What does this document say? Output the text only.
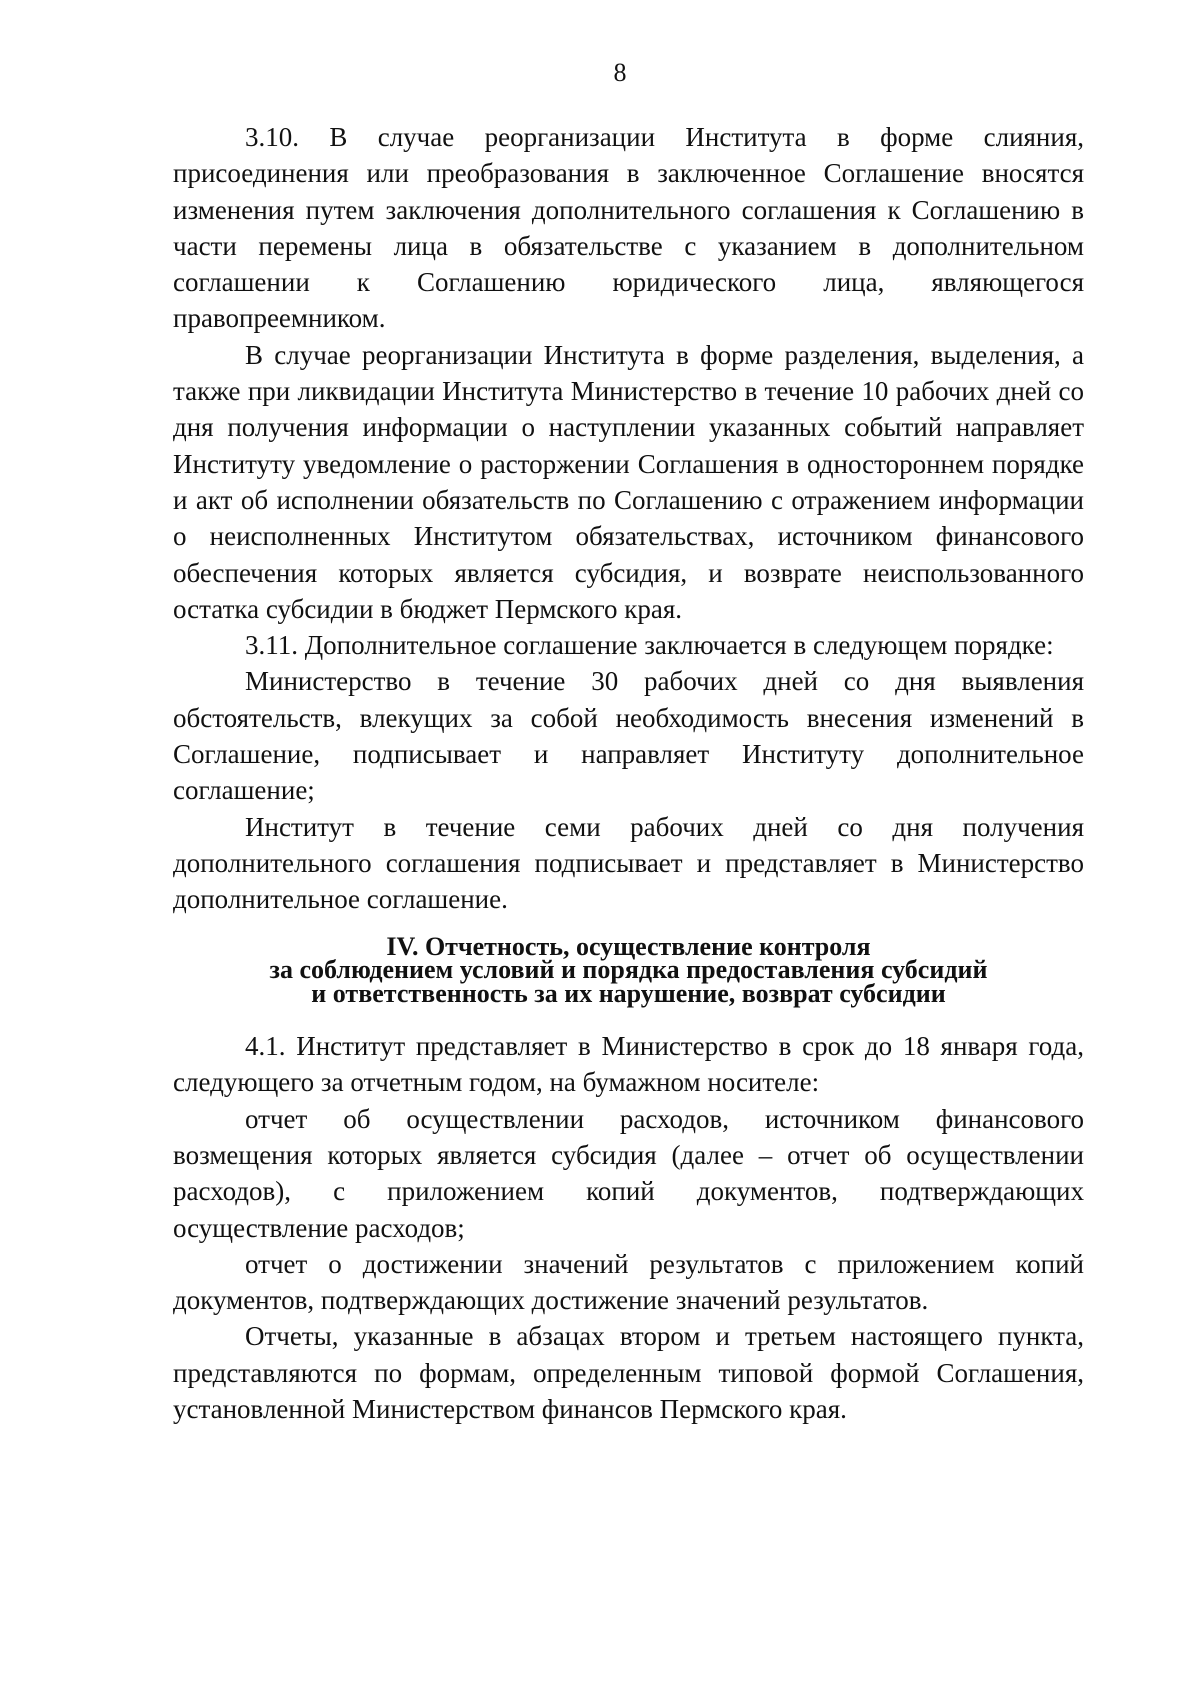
8

3.10. В случае реорганизации Института в форме слияния, присоединения или преобразования в заключенное Соглашение вносятся изменения путем заключения дополнительного соглашения к Соглашению в части перемены лица в обязательстве с указанием в дополнительном соглашении к Соглашению юридического лица, являющегося правопреемником.

В случае реорганизации Института в форме разделения, выделения, а также при ликвидации Института Министерство в течение 10 рабочих дней со дня получения информации о наступлении указанных событий направляет Институту уведомление о расторжении Соглашения в одностороннем порядке и акт об исполнении обязательств по Соглашению с отражением информации о неисполненных Институтом обязательствах, источником финансового обеспечения которых является субсидия, и возврате неиспользованного остатка субсидии в бюджет Пермского края.

3.11. Дополнительное соглашение заключается в следующем порядке:

Министерство в течение 30 рабочих дней со дня выявления обстоятельств, влекущих за собой необходимость внесения изменений в Соглашение, подписывает и направляет Институту дополнительное соглашение;

Институт в течение семи рабочих дней со дня получения дополнительного соглашения подписывает и представляет в Министерство дополнительное соглашение.

IV. Отчетность, осуществление контроля
за соблюдением условий и порядка предоставления субсидий
и ответственность за их нарушение, возврат субсидии

4.1. Институт представляет в Министерство в срок до 18 января года, следующего за отчетным годом, на бумажном носителе:

отчет об осуществлении расходов, источником финансового возмещения которых является субсидия (далее – отчет об осуществлении расходов), с приложением копий документов, подтверждающих осуществление расходов;

отчет о достижении значений результатов с приложением копий документов, подтверждающих достижение значений результатов.

Отчеты, указанные в абзацах втором и третьем настоящего пункта, представляются по формам, определенным типовой формой Соглашения, установленной Министерством финансов Пермского края.
